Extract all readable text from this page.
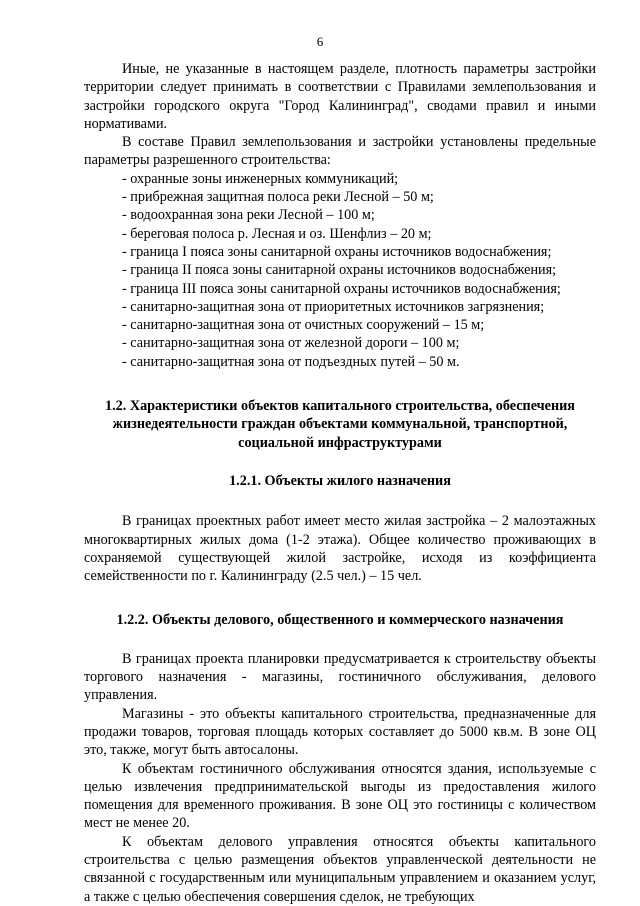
6

Иные, не указанные в настоящем разделе, плотность параметры застройки территории следует принимать в соответствии с Правилами землепользования и застройки городского округа "Город Калининград", сводами правил и иными нормативами.

В составе Правил землепользования и застройки установлены предельные параметры разрешенного строительства:

- охранные зоны инженерных коммуникаций;

- прибрежная защитная полоса реки Лесной – 50 м;

- водоохранная зона реки Лесной – 100 м;

- береговая полоса р. Лесная и оз. Шенфлиз – 20 м;

- граница I пояса зоны санитарной охраны источников водоснабжения;

- граница II пояса зоны санитарной охраны источников водоснабжения;

- граница III пояса зоны санитарной охраны источников водоснабжения;

- санитарно-защитная зона от приоритетных источников загрязнения;

- санитарно-защитная зона от очистных сооружений – 15 м;

- санитарно-защитная зона от железной дороги – 100 м;

- санитарно-защитная зона от подъездных путей – 50 м.

1.2. Характеристики объектов капитального строительства, обеспечения жизнедеятельности граждан объектами коммунальной, транспортной, социальной инфраструктурами

1.2.1. Объекты жилого назначения

В границах проектных работ имеет место жилая застройка – 2 малоэтажных многоквартирных жилых дома (1-2 этажа). Общее количество проживающих в сохраняемой существующей жилой застройке, исходя из коэффициента семейственности по г. Калининграду (2.5 чел.) – 15 чел.

1.2.2. Объекты делового, общественного и коммерческого назначения

В границах проекта планировки предусматривается к строительству объекты торгового назначения - магазины, гостиничного обслуживания, делового управления.

Магазины - это объекты капитального строительства, предназначенные для продажи товаров, торговая площадь которых составляет до 5000 кв.м. В зоне ОЦ это, также, могут быть автосалоны.

К объектам гостиничного обслуживания относятся здания, используемые с целью извлечения предпринимательской выгоды из предоставления жилого помещения для временного проживания. В зоне ОЦ это гостиницы с количеством мест не менее 20.

К объектам делового управления относятся объекты капитального строительства с целью размещения объектов управленческой деятельности не связанной с государственным или муниципальным управлением и оказанием услуг, а также с целью обеспечения совершения сделок, не требующих
